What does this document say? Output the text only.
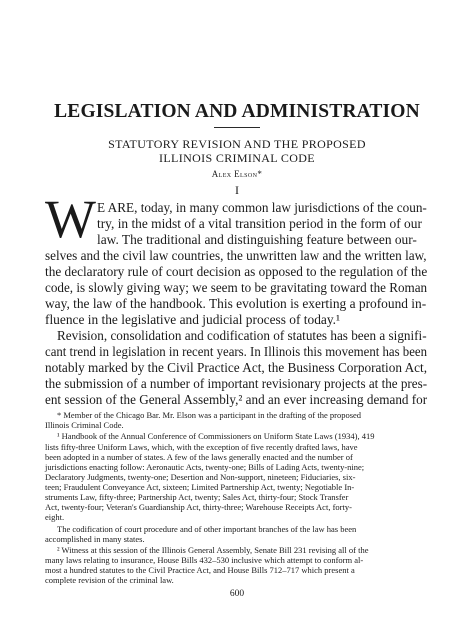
LEGISLATION AND ADMINISTRATION
STATUTORY REVISION AND THE PROPOSED
ILLINOIS CRIMINAL CODE
Alex Elson*
I
W E ARE, today, in many common law jurisdictions of the coun-
try, in the midst of a vital transition period in the form of our
law. The traditional and distinguishing feature between our-
selves and the civil law countries, the unwritten law and the written law,
the declaratory rule of court decision as opposed to the regulation of the
code, is slowly giving way; we seem to be gravitating toward the Roman
way, the law of the handbook. This evolution is exerting a profound in-
fluence in the legislative and judicial process of today.¹
Revision, consolidation and codification of statutes has been a signifi-
cant trend in legislation in recent years. In Illinois this movement has been
notably marked by the Civil Practice Act, the Business Corporation Act,
the submission of a number of important revisionary projects at the pres-
ent session of the General Assembly,² and an ever increasing demand for
* Member of the Chicago Bar. Mr. Elson was a participant in the drafting of the proposed
Illinois Criminal Code.
¹ Handbook of the Annual Conference of Commissioners on Uniform State Laws (1934), 419
lists fifty-three Uniform Laws, which, with the exception of five recently drafted laws, have
been adopted in a number of states. A few of the laws generally enacted and the number of
jurisdictions enacting follow: Aeronautic Acts, twenty-one; Bills of Lading Acts, twenty-nine;
Declaratory Judgments, twenty-one; Desertion and Non-support, nineteen; Fiduciaries, six-
teen; Fraudulent Conveyance Act, sixteen; Limited Partnership Act, twenty; Negotiable In-
struments Law, fifty-three; Partnership Act, twenty; Sales Act, thirty-four; Stock Transfer
Act, twenty-four; Veteran's Guardianship Act, thirty-three; Warehouse Receipts Act, forty-
eight.
The codification of court procedure and of other important branches of the law has been
accomplished in many states.
² Witness at this session of the Illinois General Assembly, Senate Bill 231 revising all of the
many laws relating to insurance, House Bills 432–530 inclusive which attempt to conform al-
most a hundred statutes to the Civil Practice Act, and House Bills 712–717 which present a
complete revision of the criminal law.
600
